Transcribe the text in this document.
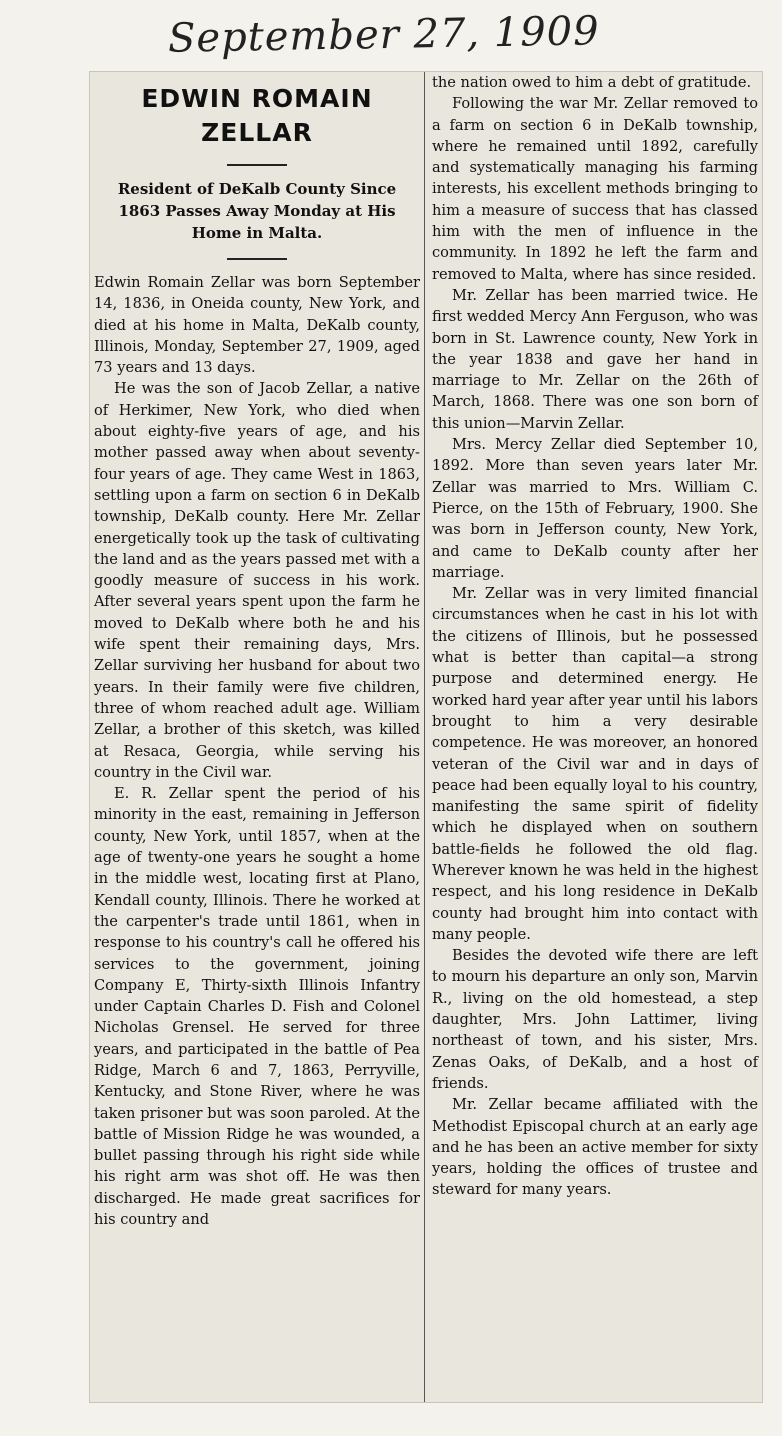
September 27, 1909
EDWIN ROMAIN ZELLAR
Resident of DeKalb County Since 1863 Passes Away Monday at His Home in Malta.

Edwin Romain Zellar was born September 14, 1836, in Oneida county, New York, and died at his home in Malta, DeKalb county, Illinois, Monday, September 27, 1909, aged 73 years and 13 days.

He was the son of Jacob Zellar, a native of Herkimer, New York, who died when about eighty-five years of age, and his mother passed away when about seventy-four years of age. They came West in 1863, settling upon a farm on section 6 in DeKalb township, DeKalb county. Here Mr. Zellar energetically took up the task of cultivating the land and as the years passed met with a goodly measure of success in his work. After several years spent upon the farm he moved to DeKalb where both he and his wife spent their remaining days, Mrs. Zellar surviving her husband for about two years. In their family were five children, three of whom reached adult age. William Zellar, a brother of this sketch, was killed at Resaca, Georgia, while serving his country in the Civil war.

E. R. Zellar spent the period of his minority in the east, remaining in Jefferson county, New York, until 1857, when at the age of twenty-one years he sought a home in the middle west, locating first at Plano, Kendall county, Illinois. There he worked at the carpenter's trade until 1861, when in response to his country's call he offered his services to the government, joining Company E, Thirty-sixth Illinois Infantry under Captain Charles D. Fish and Colonel Nicholas Grensel. He served for three years, and participated in the battle of Pea Ridge, March 6 and 7, 1863, Perryville, Kentucky, and Stone River, where he was taken prisoner but was soon paroled. At the battle of Mission Ridge he was wounded, a bullet passing through his right side while his right arm was shot off. He was then discharged. He made great sacrifices for his country and

the nation owed to him a debt of gratitude.

Following the war Mr. Zellar removed to a farm on section 6 in DeKalb township, where he remained until 1892, carefully and systematically managing his farming interests, his excellent methods bringing to him a measure of success that has classed him with the men of influence in the community. In 1892 he left the farm and removed to Malta, where has since resided.

Mr. Zellar has been married twice. He first wedded Mercy Ann Ferguson, who was born in St. Lawrence county, New York in the year 1838 and gave her hand in marriage to Mr. Zellar on the 26th of March, 1868. There was one son born of this union—Marvin Zellar.

Mrs. Mercy Zellar died September 10, 1892. More than seven years later Mr. Zellar was married to Mrs. William C. Pierce, on the 15th of February, 1900. She was born in Jefferson county, New York, and came to DeKalb county after her marriage.

Mr. Zellar was in very limited financial circumstances when he cast in his lot with the citizens of Illinois, but he possessed what is better than capital—a strong purpose and determined energy. He worked hard year after year until his labors brought to him a very desirable competence. He was moreover, an honored veteran of the Civil war and in days of peace had been equally loyal to his country, manifesting the same spirit of fidelity which he displayed when on southern battle-fields he followed the old flag. Wherever known he was held in the highest respect, and his long residence in DeKalb county had brought him into contact with many people.

Besides the devoted wife there are left to mourn his departure an only son, Marvin R., living on the old homestead, a step daughter, Mrs. John Lattimer, living northeast of town, and his sister, Mrs. Zenas Oaks, of DeKalb, and a host of friends.

Mr. Zellar became affiliated with the Methodist Episcopal church at an early age and he has been an active member for sixty years, holding the offices of trustee and steward for many years.
